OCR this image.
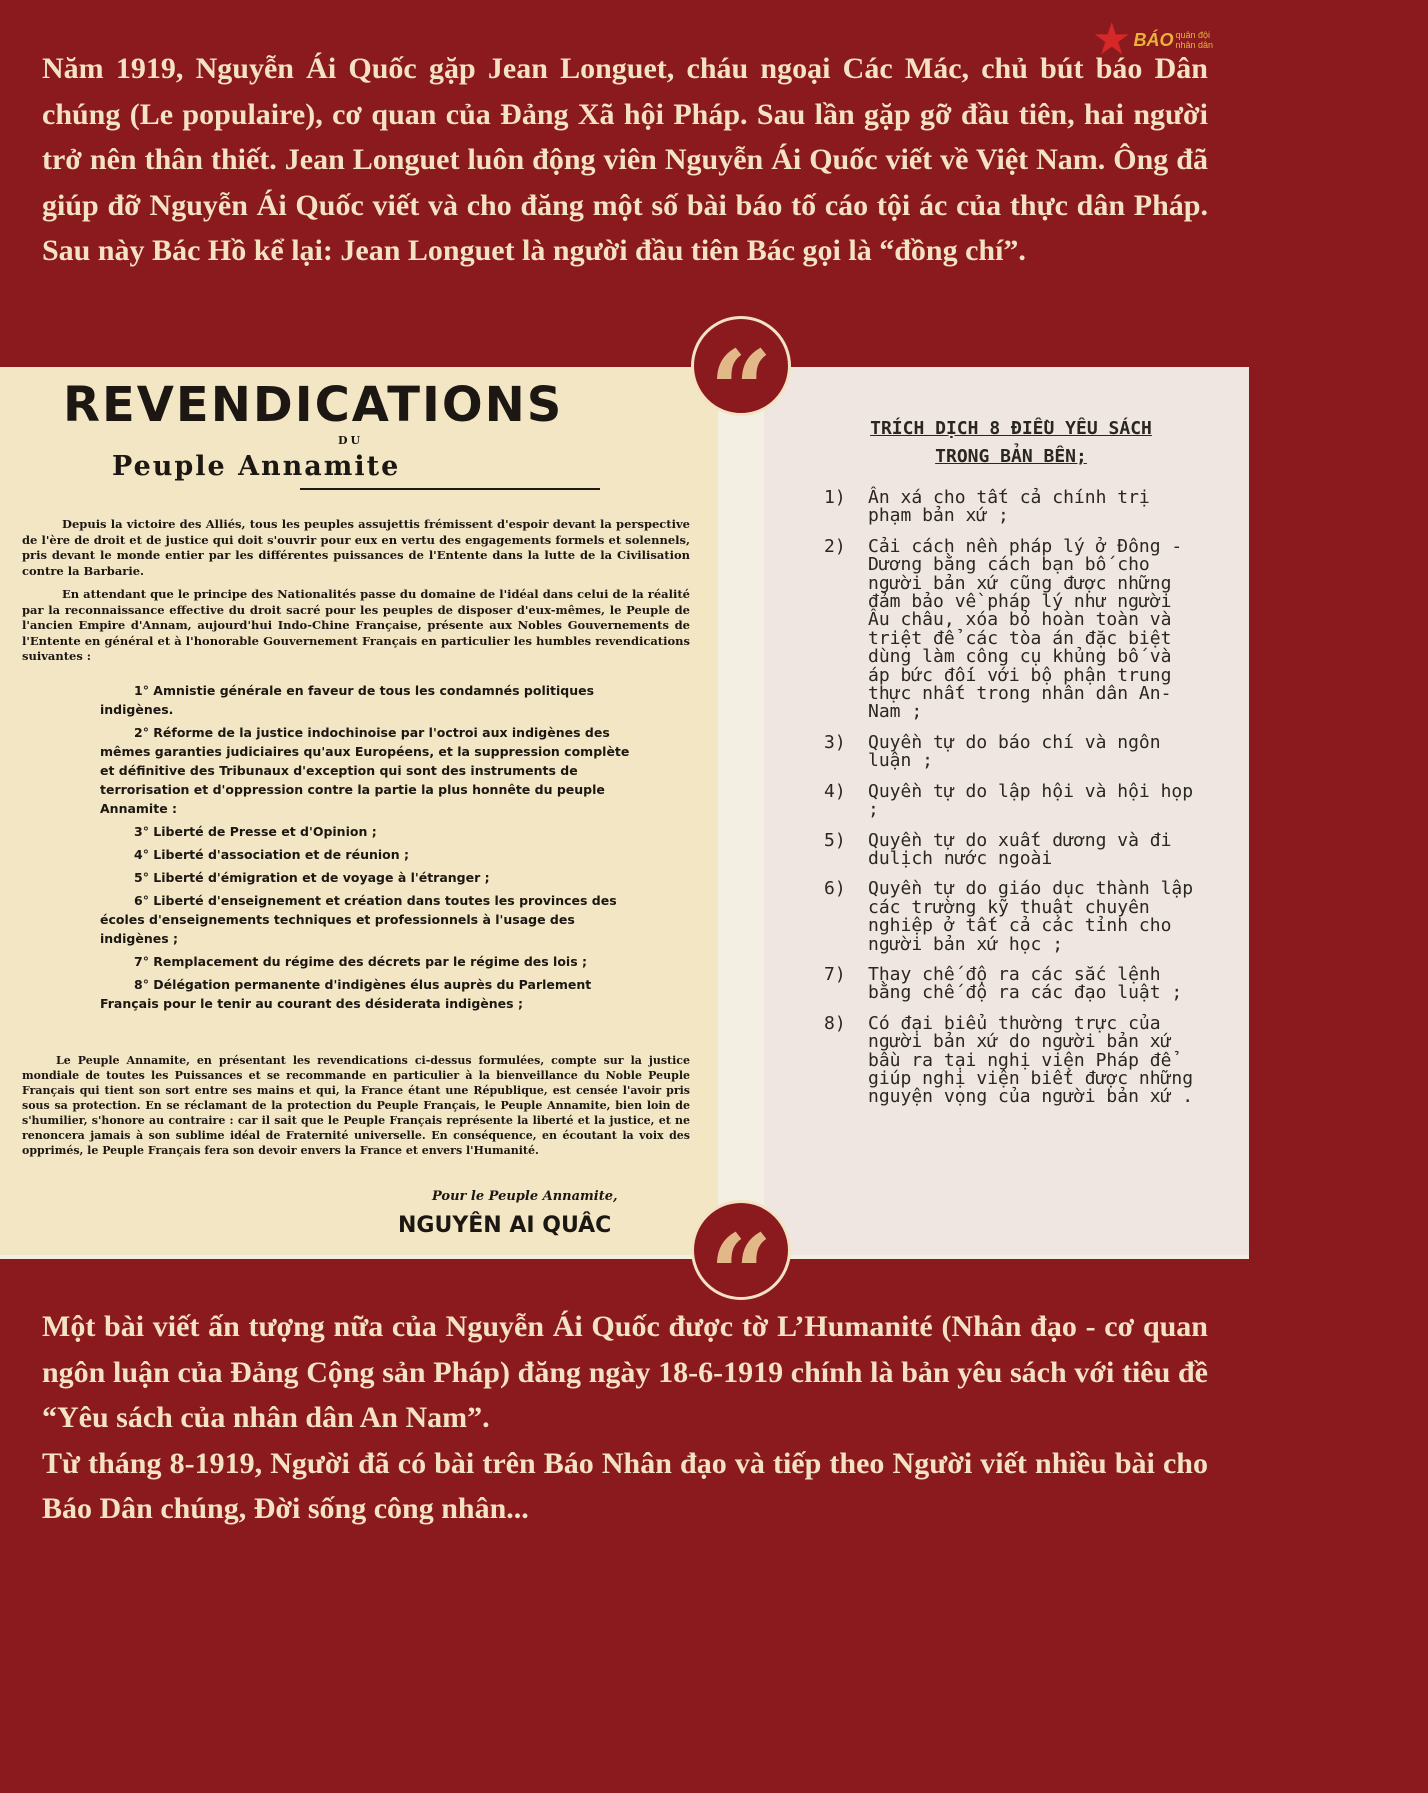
★ BÁO quân đội
nhân dân
Năm 1919, Nguyễn Ái Quốc gặp Jean Longuet, cháu ngoại Các Mác, chủ bút báo Dân chúng (Le populaire), cơ quan của Đảng Xã hội Pháp. Sau lần gặp gỡ đầu tiên, hai người trở nên thân thiết. Jean Longuet luôn động viên Nguyễn Ái Quốc viết về Việt Nam. Ông đã giúp đỡ Nguyễn Ái Quốc viết và cho đăng một số bài báo tố cáo tội ác của thực dân Pháp. Sau này Bác Hồ kể lại: Jean Longuet là người đầu tiên Bác gọi là “đồng chí”.
REVENDICATIONS
DU
Peuple Annamite
Depuis la victoire des Alliés, tous les peuples assujettis frémissent d'espoir devant la perspective de l'ère de droit et de justice qui doit s'ouvrir pour eux en vertu des engagements formels et solennels, pris devant le monde entier par les différentes puissances de l'Entente dans la lutte de la Civilisation contre la Barbarie.
En attendant que le principe des Nationalités passe du domaine de l'idéal dans celui de la réalité par la reconnaissance effective du droit sacré pour les peuples de disposer d'eux-mêmes, le Peuple de l'ancien Empire d'Annam, aujourd'hui Indo-Chine Française, présente aux Nobles Gouvernements de l'Entente en général et à l'honorable Gouvernement Français en particulier les humbles revendications suivantes :
1° Amnistie générale en faveur de tous les condamnés politiques indigènes.
2° Réforme de la justice indochinoise par l'octroi aux indigènes des mêmes garanties judiciaires qu'aux Européens, et la suppression complète et définitive des Tribunaux d'exception qui sont des instruments de terrorisation et d'oppression contre la partie la plus honnête du peuple Annamite :
3° Liberté de Presse et d'Opinion ;
4° Liberté d'association et de réunion ;
5° Liberté d'émigration et de voyage à l'étranger ;
6° Liberté d'enseignement et création dans toutes les provinces des écoles d'enseignements techniques et professionnels à l'usage des indigènes ;
7° Remplacement du régime des décrets par le régime des lois ;
8° Délégation permanente d'indigènes élus auprès du Parlement Français pour le tenir au courant des désiderata indigènes ;
Le Peuple Annamite, en présentant les revendications ci-dessus formulées, compte sur la justice mondiale de toutes les Puissances et se recommande en particulier à la bienveillance du Noble Peuple Français qui tient son sort entre ses mains et qui, la France étant une République, est censée l'avoir pris sous sa protection. En se réclamant de la protection du Peuple Français, le Peuple Annamite, bien loin de s'humilier, s'honore au contraire : car il sait que le Peuple Français représente la liberté et la justice, et ne renoncera jamais à son sublime idéal de Fraternité universelle. En conséquence, en écoutant la voix des opprimés, le Peuple Français fera son devoir envers la France et envers l'Humanité.
Pour le Peuple Annamite,
NGUYÊN AI QUÂC
TRÍCH DỊCH 8 ĐIỀU YÊU SÁCH
TRONG BẢN BÊN;
1)	Ân xá cho tất cả chính trị phạm bản xứ ;
2)	Cải cách nền pháp lý ở Đông - Dương bằng cách bạn bố cho người bản xứ cũng được những đảm bảo về pháp lý như người Âu châu, xóa bỏ hoàn toàn và triệt để các tòa án đặc biệt dùng làm công cụ khủng bố và áp bức đối với bộ phận trung thực nhất trong nhân dân An-Nam ;
3)	Quyền tự do báo chí và ngôn luận ;
4)	Quyền tự do lập hội và hội họp ;
5)	Quyền tự do xuất dương và đi dulịch nước ngoài
6)	Quyền tự do giáo dục thành lập các trường kỹ thuật chuyên nghiệp ở tất cả các tỉnh cho người bản xứ học ;
7)	Thay chế độ ra các sắc lệnh bằng chế độ ra các đạo luật ;
8)	Có đại biểu thường trực của người bản xứ do người bản xứ bầu ra tại nghị viện Pháp để giúp nghị viện biết được những nguyện vọng của người bản xứ .
“
“

Một bài viết ấn tượng nữa của Nguyễn Ái Quốc được tờ L’Humanité (Nhân đạo - cơ quan ngôn luận của Đảng Cộng sản Pháp) đăng ngày 18-6-1919 chính là bản yêu sách với tiêu đề “Yêu sách của nhân dân An Nam”.

Từ tháng 8-1919, Người đã có bài trên Báo Nhân đạo và tiếp theo Người viết nhiều bài cho Báo Dân chúng, Đời sống công nhân...
